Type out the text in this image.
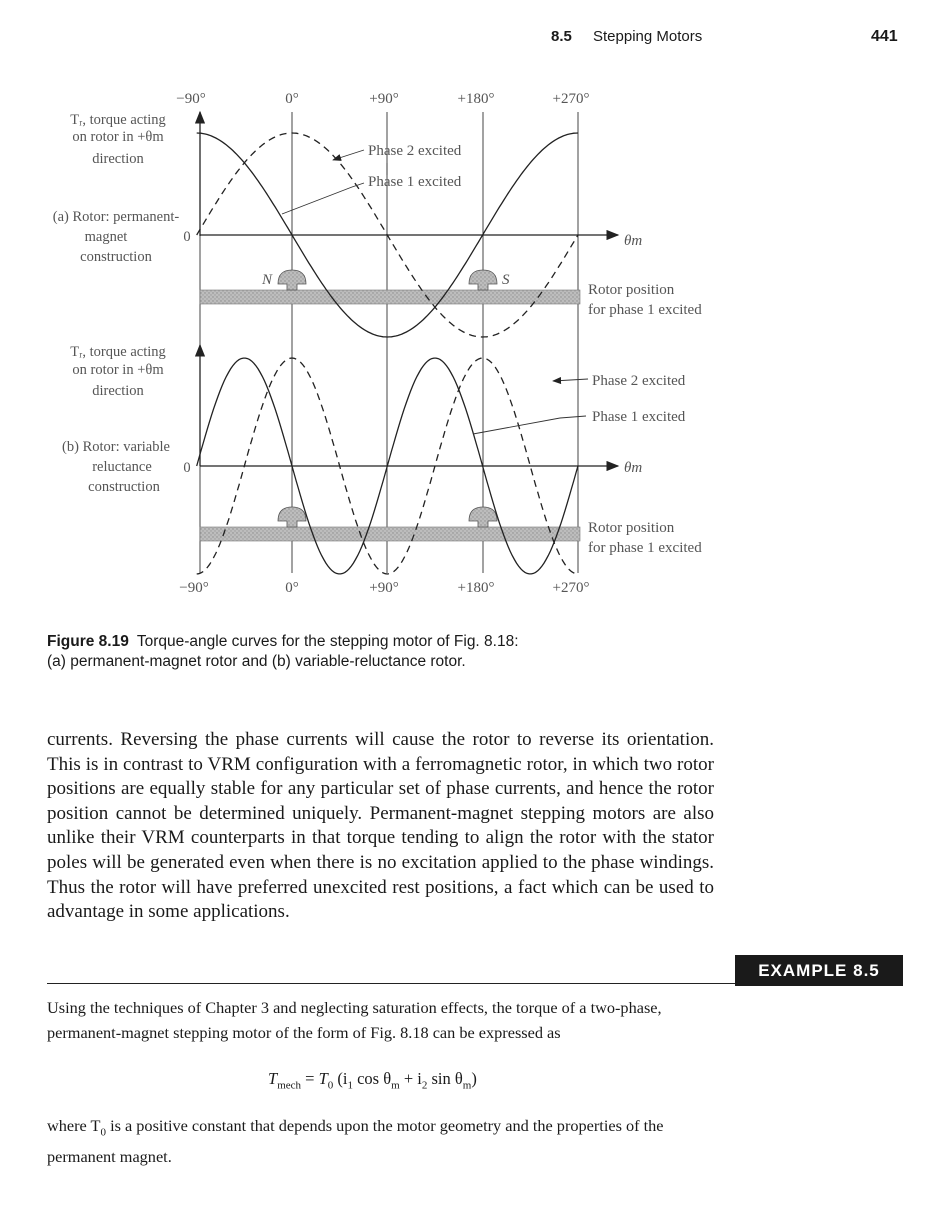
8.5 Stepping Motors	441
−90°	0°	+90°	+180°	+270°
−90°	0°	+90°	+180°	+270°
Tᵣ, torque acting
on rotor in +θm
direction
(a) Rotor: permanent-
magnet
construction
0
Tᵣ, torque acting
on rotor in +θm
direction
(b) Rotor: variable
reluctance
construction
0
Phase 2 excited
Phase 1 excited
θm
Rotor position
for phase 1 excited
N	S
Phase 2 excited
Phase 1 excited
θm
Rotor position
for phase 1 excited
Figure 8.19 Torque-angle curves for the stepping motor of Fig. 8.18:
(a) permanent-magnet rotor and (b) variable-reluctance rotor.
currents. Reversing the phase currents will cause the rotor to reverse its orientation. This is in contrast to VRM configuration with a ferromagnetic rotor, in which two rotor positions are equally stable for any particular set of phase currents, and hence the rotor position cannot be determined uniquely. Permanent-magnet stepping motors are also unlike their VRM counterparts in that torque tending to align the rotor with the stator poles will be generated even when there is no excitation applied to the phase windings. Thus the rotor will have preferred unexcited rest positions, a fact which can be used to advantage in some applications.
EXAMPLE 8.5
Using the techniques of Chapter 3 and neglecting saturation effects, the torque of a two-phase, permanent-magnet stepping motor of the form of Fig. 8.18 can be expressed as
$T_{mech} = T_0$ ($i_1$ $\cos \theta_m + i_2$ $\sin \theta_m$)
where $T_0$ is a positive constant that depends upon the motor geometry and the properties of the permanent magnet.
